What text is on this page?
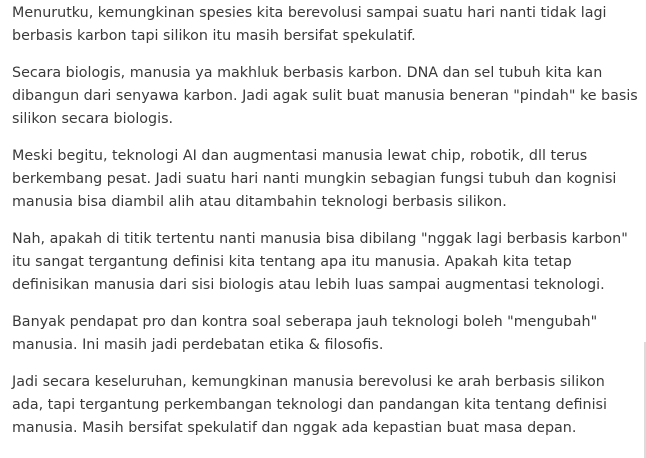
Menurutku, kemungkinan spesies kita berevolusi sampai suatu hari nanti tidak lagi berbasis karbon tapi silikon itu masih bersifat spekulatif.

Secara biologis, manusia ya makhluk berbasis karbon. DNA dan sel tubuh kita kan dibangun dari senyawa karbon. Jadi agak sulit buat manusia beneran "pindah" ke basis silikon secara biologis.

Meski begitu, teknologi AI dan augmentasi manusia lewat chip, robotik, dll terus berkembang pesat. Jadi suatu hari nanti mungkin sebagian fungsi tubuh dan kognisi manusia bisa diambil alih atau ditambahin teknologi berbasis silikon.

Nah, apakah di titik tertentu nanti manusia bisa dibilang "nggak lagi berbasis karbon" itu sangat tergantung definisi kita tentang apa itu manusia. Apakah kita tetap definisikan manusia dari sisi biologis atau lebih luas sampai augmentasi teknologi.

Banyak pendapat pro dan kontra soal seberapa jauh teknologi boleh "mengubah" manusia. Ini masih jadi perdebatan etika & filosofis.

Jadi secara keseluruhan, kemungkinan manusia berevolusi ke arah berbasis silikon ada, tapi tergantung perkembangan teknologi dan pandangan kita tentang definisi manusia. Masih bersifat spekulatif dan nggak ada kepastian buat masa depan.
